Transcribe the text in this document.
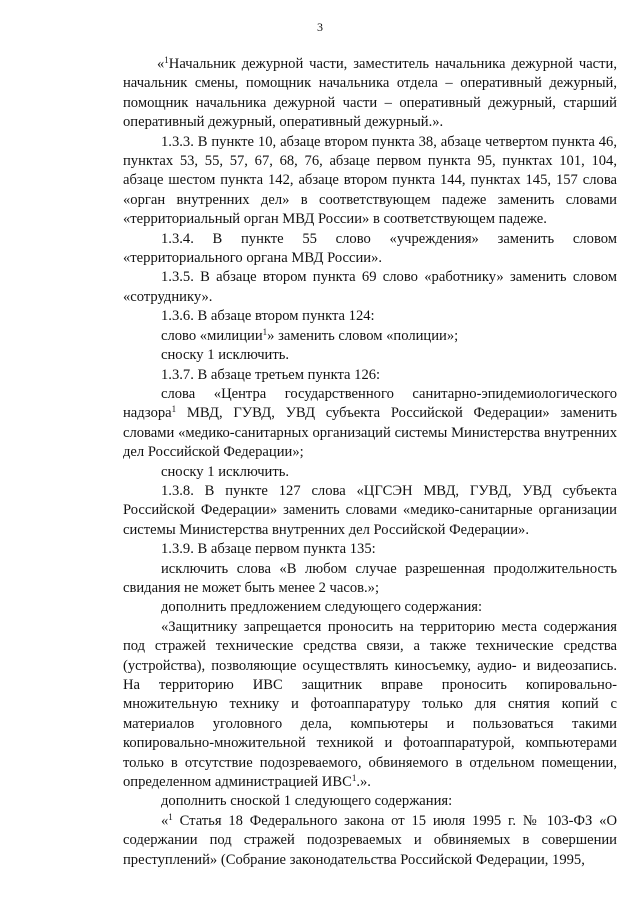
3

«$^1$Начальник дежурной части, заместитель начальника дежурной части, начальник смены, помощник начальника отдела – оперативный дежурный, помощник начальника дежурной части – оперативный дежурный, старший оперативный дежурный, оперативный дежурный.».

1.3.3. В пункте 10, абзаце втором пункта 38, абзаце четвертом пункта 46, пунктах 53, 55, 57, 67, 68, 76, абзаце первом пункта 95, пунктах 101, 104, абзаце шестом пункта 142, абзаце втором пункта 144, пунктах 145, 157 слова «орган внутренних дел» в соответствующем падеже заменить словами «территориальный орган МВД России» в соответствующем падеже.

1.3.4. В пункте 55 слово «учреждения» заменить словом «территориального органа МВД России».

1.3.5. В абзаце втором пункта 69 слово «работнику» заменить словом «сотруднику».

1.3.6. В абзаце втором пункта 124:

слово «милиции$^1$» заменить словом «полиции»;

сноску 1 исключить.

1.3.7. В абзаце третьем пункта 126:

слова «Центра государственного санитарно-эпидемиологического надзора$^1$ МВД, ГУВД, УВД субъекта Российской Федерации» заменить словами «медико-санитарных организаций системы Министерства внутренних дел Российской Федерации»;

сноску 1 исключить.

1.3.8. В пункте 127 слова «ЦГСЭН МВД, ГУВД, УВД субъекта Российской Федерации» заменить словами «медико-санитарные организации системы Министерства внутренних дел Российской Федерации».

1.3.9. В абзаце первом пункта 135:

исключить слова «В любом случае разрешенная продолжительность свидания не может быть менее 2 часов.»;

дополнить предложением следующего содержания:

«Защитнику запрещается проносить на территорию места содержания под стражей технические средства связи, а также технические средства (устройства), позволяющие осуществлять киносъемку, аудио- и видеозапись. На территорию ИВС защитник вправе проносить копировально-множительную технику и фотоаппаратуру только для снятия копий с материалов уголовного дела, компьютеры и пользоваться такими копировально-множительной техникой и фотоаппаратурой, компьютерами только в отсутствие подозреваемого, обвиняемого в отдельном помещении, определенном администрацией ИВС$^1$.».

дополнить сноской 1 следующего содержания:

«$^1$ Статья 18 Федерального закона от 15 июля 1995 г. № 103-ФЗ «О содержании под стражей подозреваемых и обвиняемых в совершении преступлений» (Собрание законодательства Российской Федерации, 1995,
